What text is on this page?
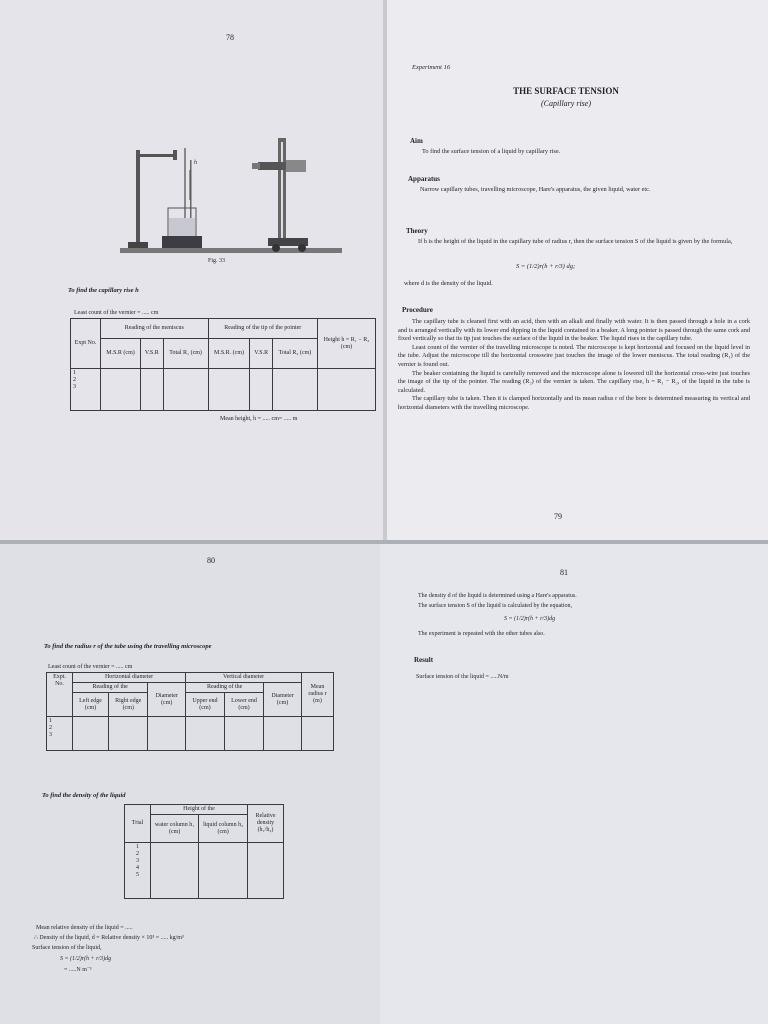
78
h
Fig. 33
To find the capillary rise h
Least count of the vernier = ..... cm
Expt No.	Reading of the meniscus			Reading of the tip of the pointer			Height h = R₁ − R₂ (cm)
	M.S.R (cm)	V.S.R	Total R₁ (cm)	M.S.R. (cm)	V.S.R	Total R₂ (cm)	

1
2
3							

Mean height, h = ..... cm= ..... m
Experiment 16
THE SURFACE TENSION
(Capillary rise)
Aim
To find the surface tension of a liquid by capillary rise.
Apparatus
Narrow capillary tubes, travelling microscope, Hare's apparatus, the given liquid, water etc.
Theory
If h is the height of the liquid in the capillary tube of radius r, then the surface tension S of the liquid is given by the formula,
S = (1/2)r(h + r/3) dg;
where d is the density of the liquid.
Procedure

The capillary tube is cleaned first with an acid, then with an alkali and finally with water. It is then passed through a hole in a cork and is arranged vertically with its lower end dipping in the liquid contained in a beaker. A long pointer is passed through the same cork and fixed vertically so that its tip just touches the surface of the liquid in the beaker. The liquid rises in the capillary tube.

Least count of the vernier of the travelling microscope is noted. The microscope is kept horizontal and focused on the liquid level in the tube. Adjust the microscope till the horizontal crosswire just touches the image of the lower meniscus. The total reading (R₁) of the vernier is found out.

The beaker containing the liquid is carefully removed and the microscope alone is lowered till the horizontal cross-wire just touches the image of the tip of the pointer. The reading (R₂) of the vernier is taken. The capillary rise, h = R₁ − R₂, of the liquid in the tube is calculated.

The capillary tube is taken. Then it is clamped horizontally and its mean radius r of the bore is determined measuring its vertical and horizontal diameters with the travelling microscope.

79
80
To find the radius r of the tube using the travelling microscope
Least count of the vernier = ..... cm
Expt. No.	Horizontal diameter			Vertical diameter			Mean radius r (m)
	Reading of the		Diameter (cm)	Reading of the		Diameter (cm)	
	Left edge (cm)	Right edge (cm)		Upper end (cm)	Lower end (cm)		

1
2
3							

To find the density of the liquid
Trial	Height of the		Relative density (h₁/h₂)
	water column h₁ (cm)	liquid column h₂ (cm)	

1
2
3
4
5			

Mean relative density of the liquid = .....
∴ Density of the liquid, d = Relative density × 10³ = ..... kg/m³
Surface tension of the liquid,
S = (1/2)r(h + r/3)dg
= .....N m⁻¹
81
The density d of the liquid is determined using a Hare's apparatus.
The surface tension S of the liquid is calculated by the equation,
S = (1/2)r(h + r/3)dg
The experiment is repeated with the other tubes also.
Result
Surface tension of the liquid = .....N/m
